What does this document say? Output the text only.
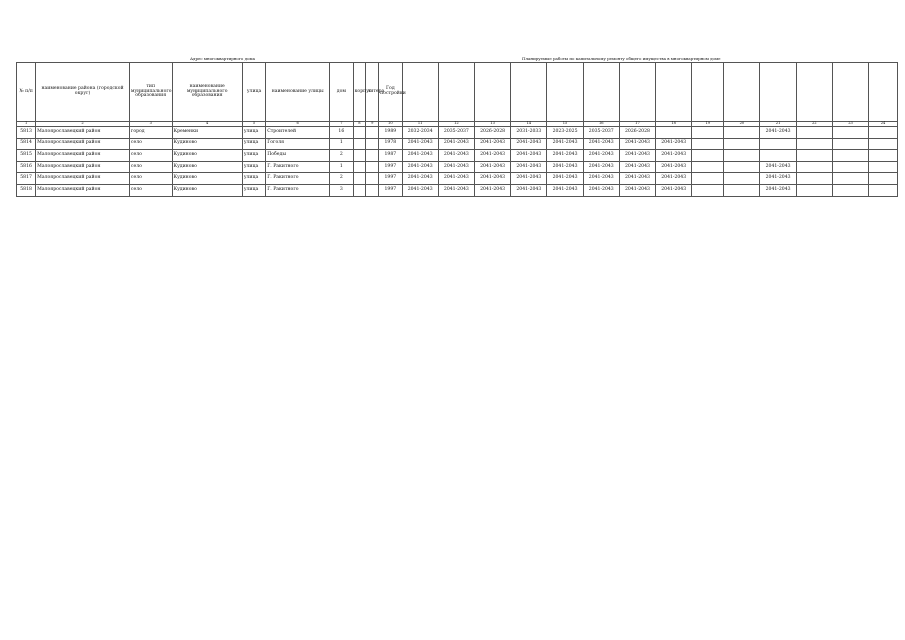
Адрес многоквартирного дома	Планируемые работы по капитальному ремонту общего имущества в многоквартирном доме
№ п/п	наименование района (городской округ)	тип муниципального образования	наименование муниципального образования	улица	наименование улицы	дом	корпус	литера	Год постройки														
1	2	3	4	5	6	7	8	9	10	11	12	13	14	15	16	17	18	19	20	21	22	23	24
5813	Малоярославецкий район	город	Кременки	улица	Строителей	16			1989	2032-2034	2035-2037	2026-2028	2031-2033	2023-2025	2035-2037	2026-2028				2041-2043			
5814	Малоярославецкий район	село	Кудиново	улица	Гоголя	1			1978	2041-2043	2041-2043	2041-2043	2041-2043	2041-2043	2041-2043	2041-2043	2041-2043						
5815	Малоярославецкий район	село	Кудиново	улица	Победы	2			1987	2041-2043	2041-2043	2041-2043	2041-2043	2041-2043	2041-2043	2041-2043	2041-2043						
5816	Малоярославецкий район	село	Кудиново	улица	Г. Ракитного	1			1997	2041-2043	2041-2043	2041-2043	2041-2043	2041-2043	2041-2043	2041-2043	2041-2043			2041-2043			
5817	Малоярославецкий район	село	Кудиново	улица	Г. Ракитного	2			1997	2041-2043	2041-2043	2041-2043	2041-2043	2041-2043	2041-2043	2041-2043	2041-2043			2041-2043			
5818	Малоярославецкий район	село	Кудиново	улица	Г. Ракитного	3			1997	2041-2043	2041-2043	2041-2043	2041-2043	2041-2043	2041-2043	2041-2043	2041-2043			2041-2043			
